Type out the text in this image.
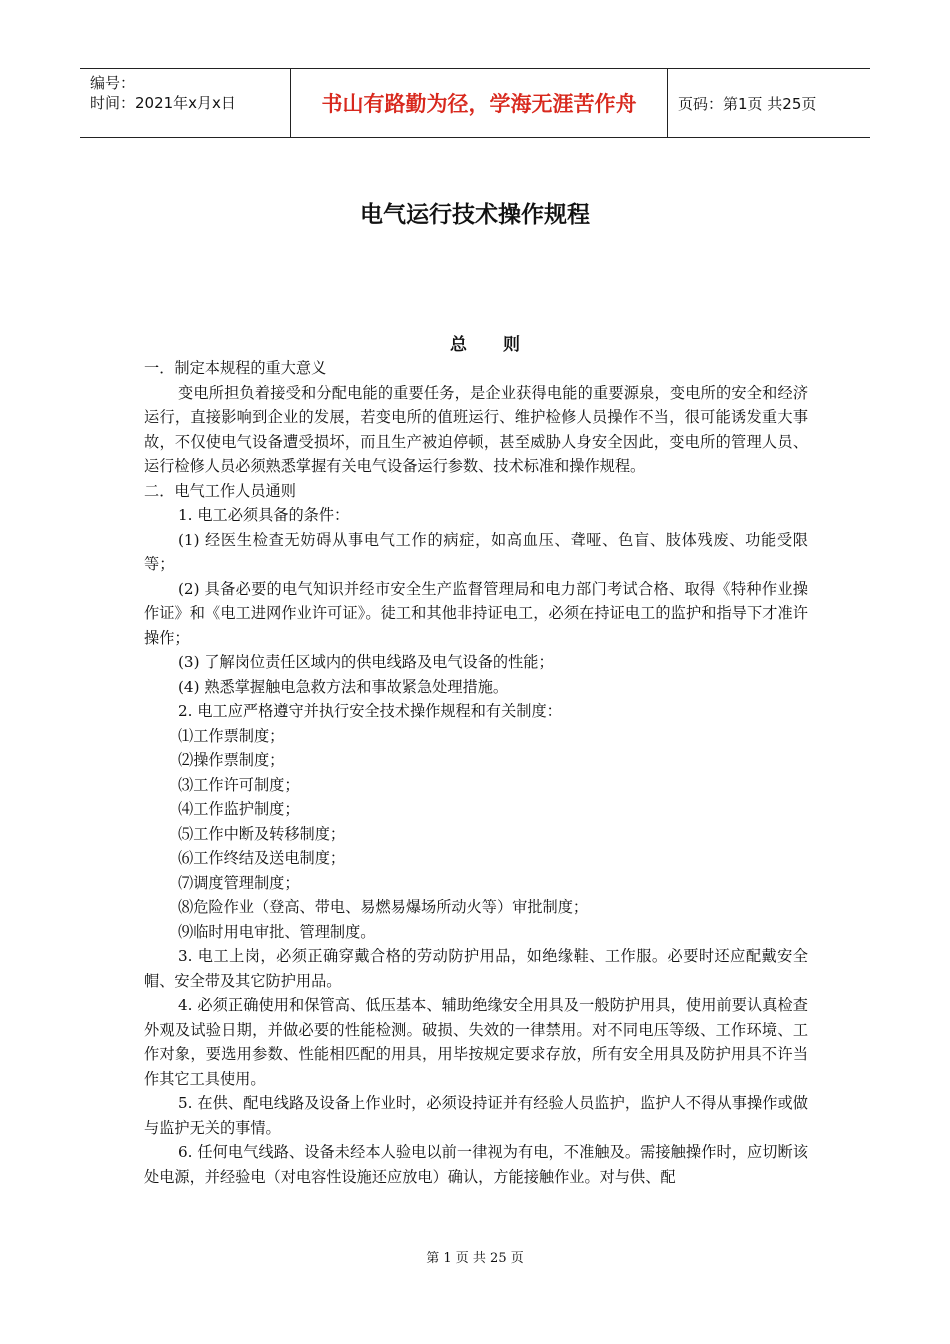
编号：
时间：2021年x月x日	书山有路勤为径，学海无涯苦作舟	页码：第1页 共25页
电气运行技术操作规程
总 则

一．制定本规程的重大意义

变电所担负着接受和分配电能的重要任务，是企业获得电能的重要源泉，变电所的安全和经济运行，直接影响到企业的发展，若变电所的值班运行、维护检修人员操作不当，很可能诱发重大事故，不仅使电气设备遭受损坏，而且生产被迫停顿，甚至威胁人身安全因此，变电所的管理人员、运行检修人员必须熟悉掌握有关电气设备运行参数、技术标准和操作规程。

二．电气工作人员通则

1. 电工必须具备的条件：

(1) 经医生检查无妨碍从事电气工作的病症，如高血压、聋哑、色盲、肢体残废、功能受限等；

(2) 具备必要的电气知识并经市安全生产监督管理局和电力部门考试合格、取得《特种作业操作证》和《电工进网作业许可证》。徒工和其他非持证电工，必须在持证电工的监护和指导下才准许操作；

(3) 了解岗位责任区域内的供电线路及电气设备的性能；

(4) 熟悉掌握触电急救方法和事故紧急处理措施。

2. 电工应严格遵守并执行安全技术操作规程和有关制度：

⑴工作票制度；

⑵操作票制度；

⑶工作许可制度；

⑷工作监护制度；

⑸工作中断及转移制度；

⑹工作终结及送电制度；

⑺调度管理制度；

⑻危险作业（登高、带电、易燃易爆场所动火等）审批制度；

⑼临时用电审批、管理制度。

3. 电工上岗，必须正确穿戴合格的劳动防护用品，如绝缘鞋、工作服。必要时还应配戴安全帽、安全带及其它防护用品。

4. 必须正确使用和保管高、低压基本、辅助绝缘安全用具及一般防护用具，使用前要认真检查外观及试验日期，并做必要的性能检测。破损、失效的一律禁用。对不同电压等级、工作环境、工作对象，要选用参数、性能相匹配的用具，用毕按规定要求存放，所有安全用具及防护用具不许当作其它工具使用。

5. 在供、配电线路及设备上作业时，必须设持证并有经验人员监护，监护人不得从事操作或做与监护无关的事情。

6. 任何电气线路、设备未经本人验电以前一律视为有电，不准触及。需接触操作时，应切断该处电源，并经验电（对电容性设施还应放电）确认，方能接触作业。对与供、配

第 1 页 共 25 页
